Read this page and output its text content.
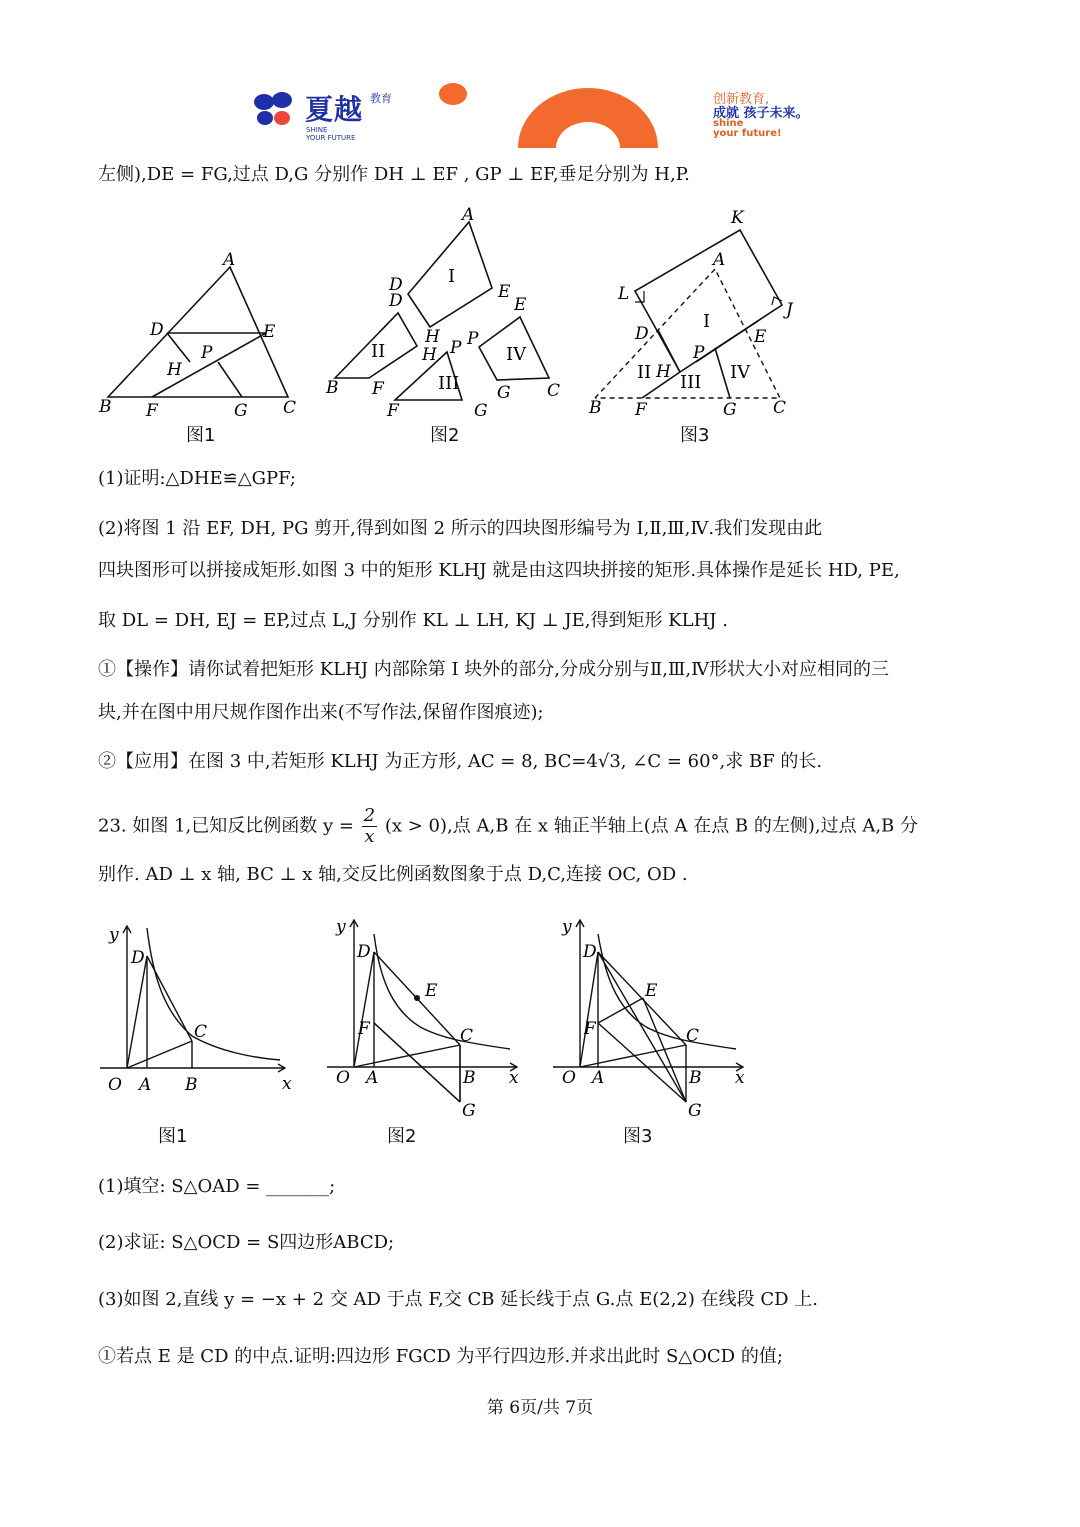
夏越 教育
SHINE
YOUR FUTURE
创新教育,
成就 孩子未来。
shine
your future!
左侧),DE = FG,过点 D,G 分别作 DH ⊥ EF , GP ⊥ EF,垂足分别为 H,P.
A
D	E
P
H
B F	G C
图1
A
D
D	E
E
H
H P P
I
II
III
IV
B F
F	G
G C
图2
K
A
L
J
D	E
I
P
II H III IV
B F	G C
图3
(1)证明:△DHE≌△GPF;
(2)将图 1 沿 EF, DH, PG 剪开,得到如图 2 所示的四块图形编号为 Ⅰ,Ⅱ,Ⅲ,Ⅳ.我们发现由此
四块图形可以拼接成矩形.如图 3 中的矩形 KLHJ 就是由这四块拼接的矩形.具体操作是延长 HD, PE,
取 DL = DH, EJ = EP,过点 L,J 分别作 KL ⊥ LH, KJ ⊥ JE,得到矩形 KLHJ .
①【操作】请你试着把矩形 KLHJ 内部除第 Ⅰ 块外的部分,分成分别与Ⅱ,Ⅲ,Ⅳ形状大小对应相同的三
块,并在图中用尺规作图作出来(不写作法,保留作图痕迹);
②【应用】在图 3 中,若矩形 KLHJ 为正方形, AC = 8, BC=4√3, ∠C = 60°,求 BF 的长.
23. 如图 1,已知反比例函数 $y = \frac{2}{x} (x > 0)$,点 A,B 在 x 轴正半轴上(点 A 在点 B 的左侧),过点 A,B 分
别作. AD ⊥ x 轴, BC ⊥ x 轴,交反比例函数图象于点 D,C,连接 OC, OD .
y
D
C
O A B	x
图1
y
D
E
F	C
O A	B x
G
图2
y
D
E
F	C
O A	B x
G
图3
(1)填空: S△OAD = _______;
(2)求证: S△OCD = S四边形ABCD;
(3)如图 2,直线 y = −x + 2 交 AD 于点 F,交 CB 延长线于点 G.点 E(2,2) 在线段 CD 上.
①若点 E 是 CD 的中点.证明:四边形 FGCD 为平行四边形.并求出此时 S△OCD 的值;
第 6页/共 7页
